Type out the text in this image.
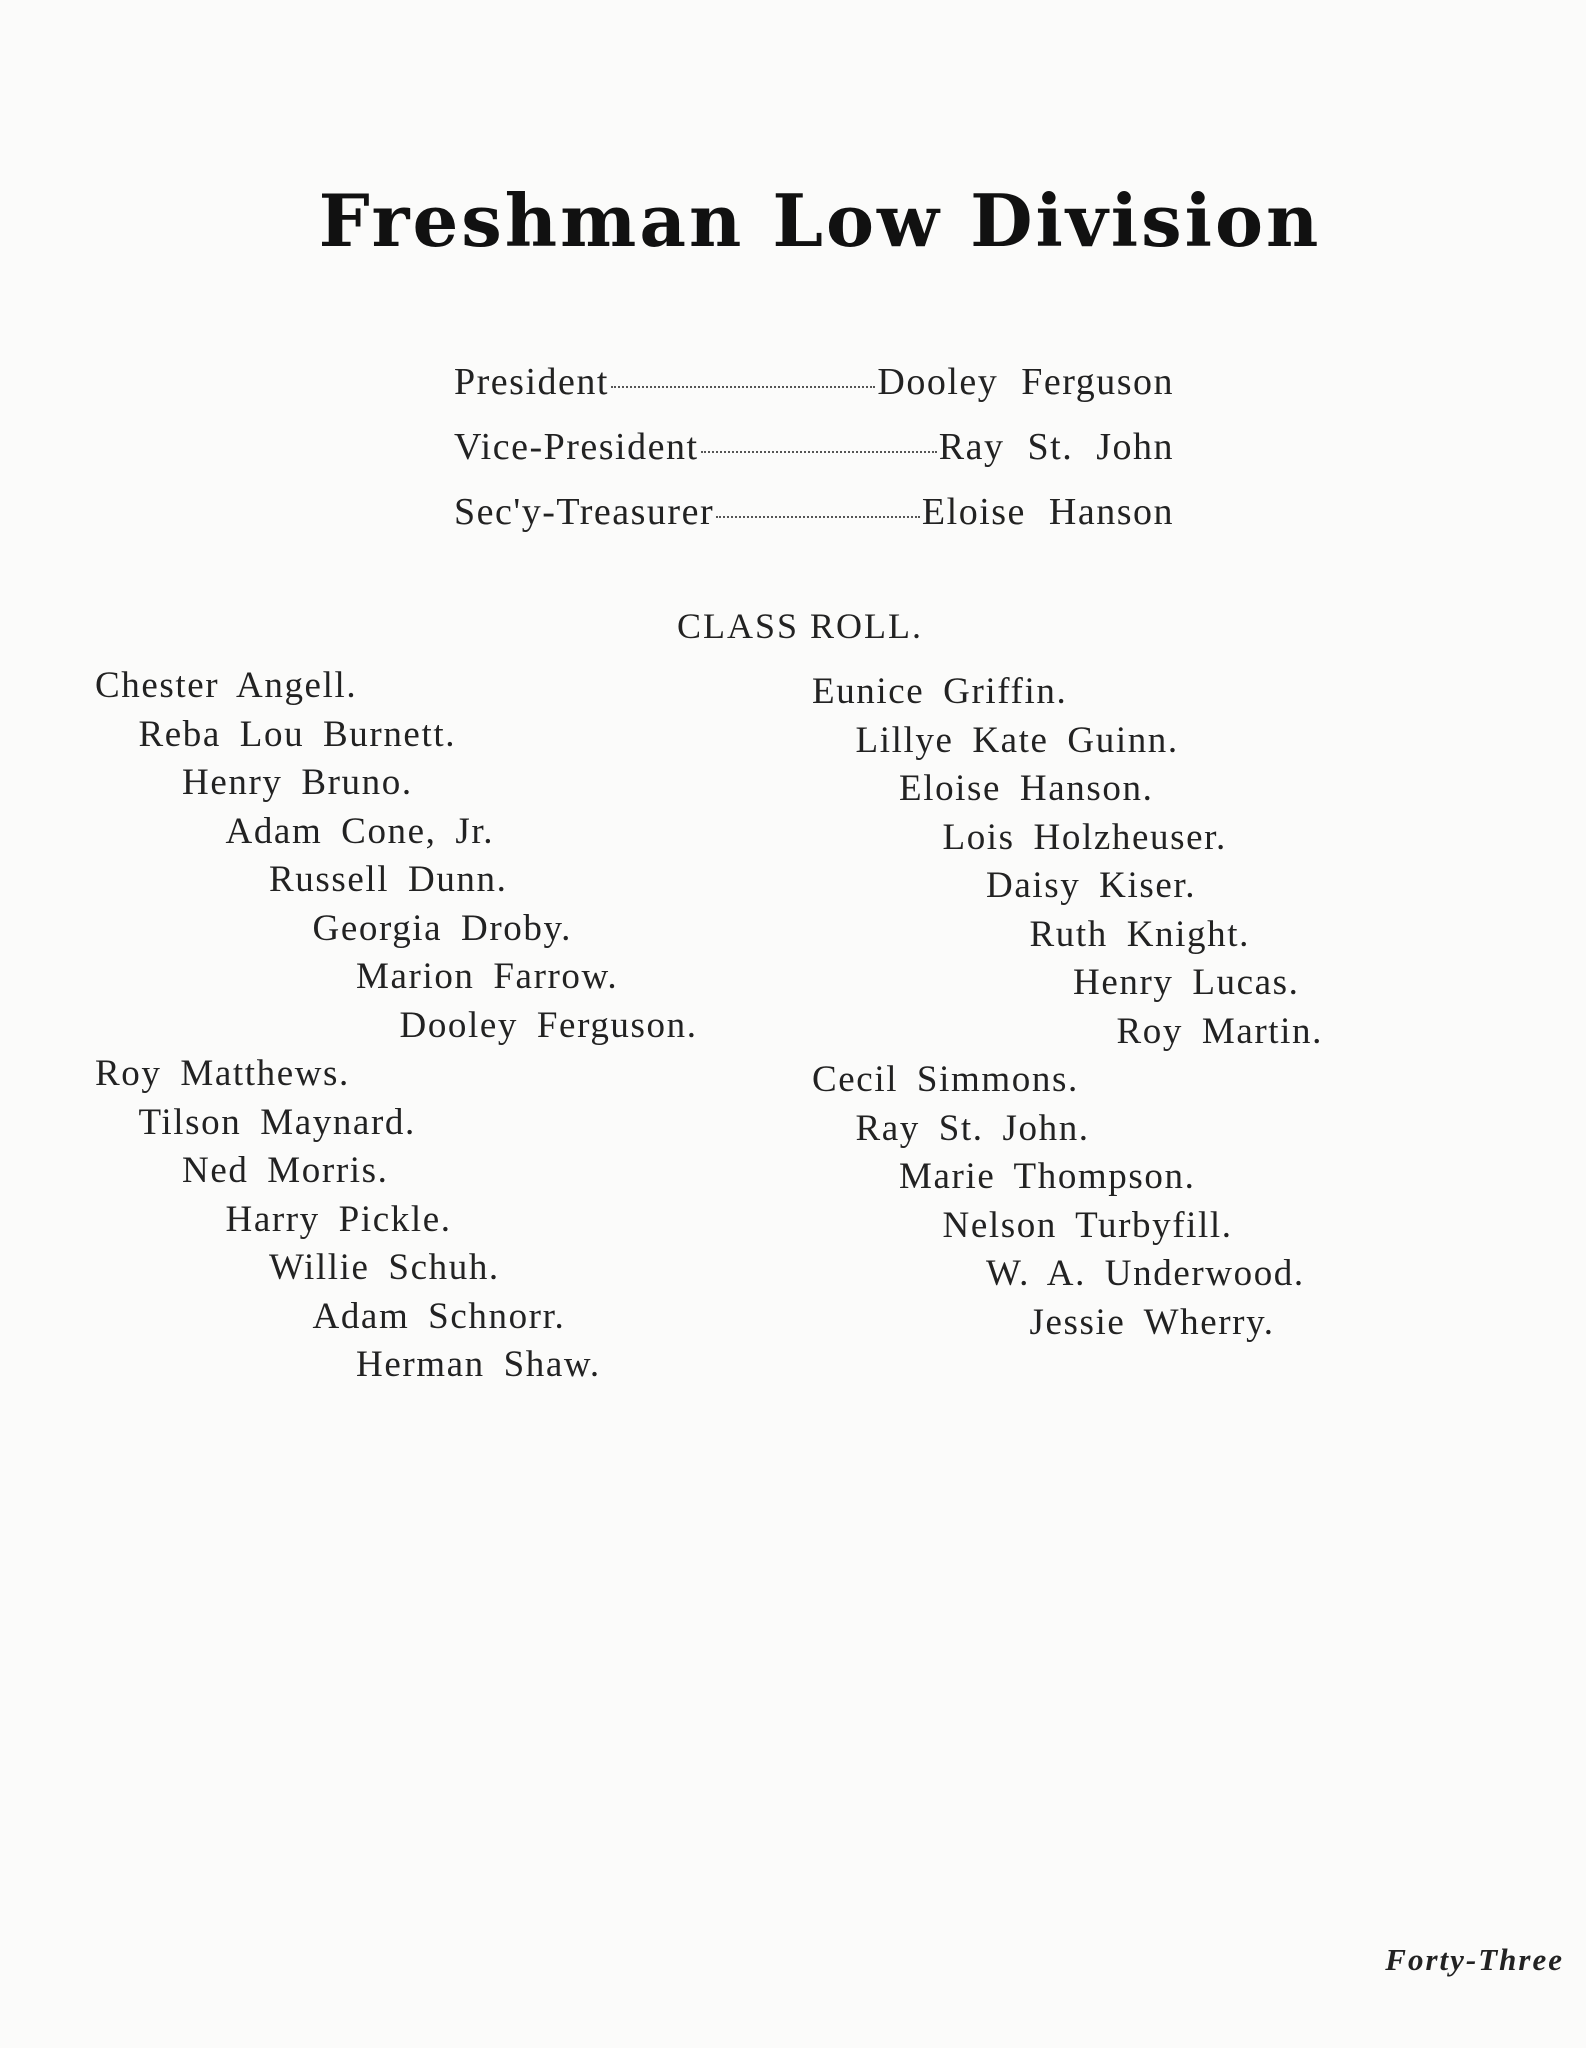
Freshman Low Division
President	Dooley Ferguson
Vice-President	Ray St. John
Sec'y-Treasurer	Eloise Hanson
CLASS ROLL.
Chester Angell.
Reba Lou Burnett.
Henry Bruno.
Adam Cone, Jr.
Russell Dunn.
Georgia Droby.
Marion Farrow.
Dooley Ferguson.
Roy Matthews.
Tilson Maynard.
Ned Morris.
Harry Pickle.
Willie Schuh.
Adam Schnorr.
Herman Shaw.
Eunice Griffin.
Lillye Kate Guinn.
Eloise Hanson.
Lois Holzheuser.
Daisy Kiser.
Ruth Knight.
Henry Lucas.
Roy Martin.
Cecil Simmons.
Ray St. John.
Marie Thompson.
Nelson Turbyfill.
W. A. Underwood.
Jessie Wherry.
Forty-Three
